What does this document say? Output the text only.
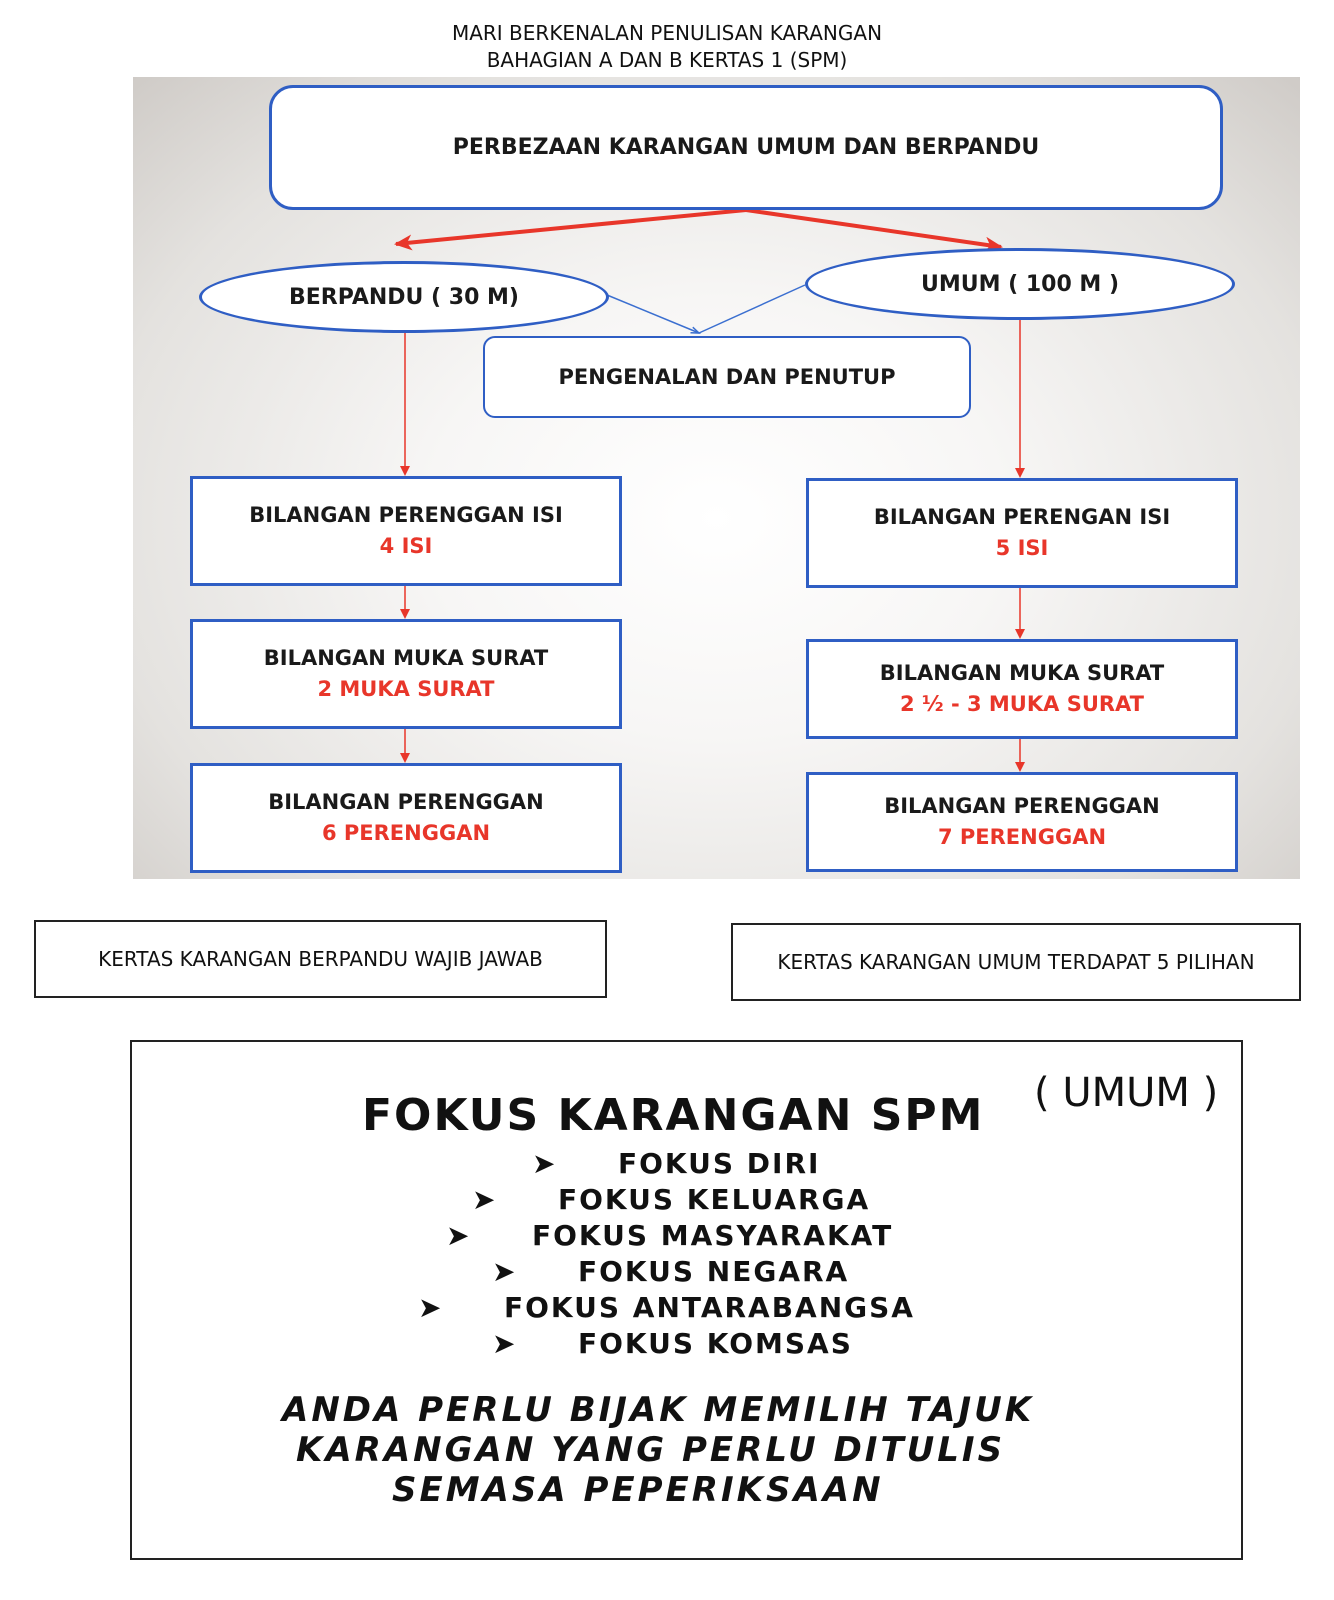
MARI BERKENALAN PENULISAN KARANGAN
BAHAGIAN A DAN B KERTAS 1 (SPM)
PERBEZAAN KARANGAN UMUM DAN BERPANDU
BERPANDU ( 30 M)
UMUM ( 100 M )
PENGENALAN DAN PENUTUP
BILANGAN PERENGGAN ISI
4 ISI
BILANGAN MUKA SURAT
2 MUKA SURAT
BILANGAN PERENGGAN
6 PERENGGAN
BILANGAN PERENGAN ISI
5 ISI
BILANGAN MUKA SURAT
2 ½ - 3 MUKA SURAT
BILANGAN PERENGGAN
7 PERENGGAN
KERTAS KARANGAN BERPANDU WAJIB JAWAB	KERTAS KARANGAN UMUM TERDAPAT 5 PILIHAN
FOKUS KARANGAN SPM ( UMUM )
➤ FOKUS DIRI
➤ FOKUS KELUARGA
➤ FOKUS MASYARAKAT
➤ FOKUS NEGARA
➤ FOKUS ANTARABANGSA
➤ FOKUS KOMSAS
ANDA PERLU BIJAK MEMILIH TAJUK
KARANGAN YANG PERLU DITULIS
SEMASA PEPERIKSAAN
